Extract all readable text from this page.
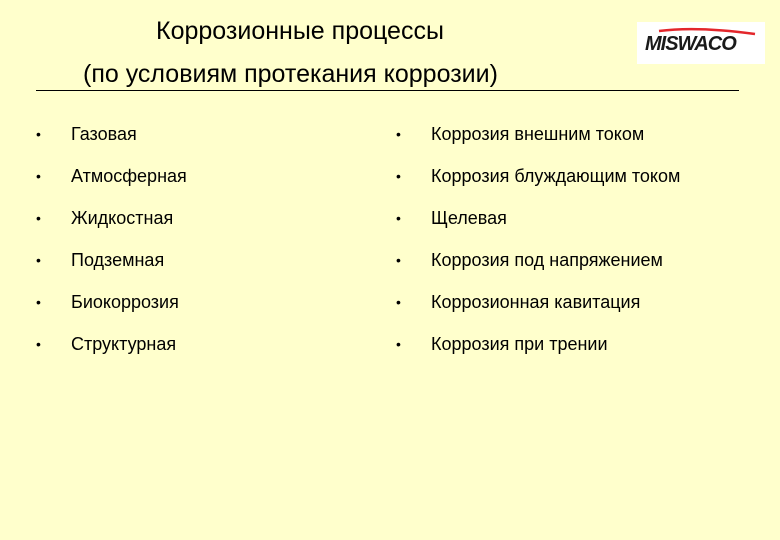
Коррозионные процессы
(по условиям протекания коррозии)
MISWACO
• Газовая
• Атмосферная
• Жидкостная
• Подземная
• Биокоррозия
• Структурная
• Коррозия внешним током
• Коррозия блуждающим током
• Щелевая
• Коррозия под напряжением
• Коррозионная кавитация
• Коррозия при трении
